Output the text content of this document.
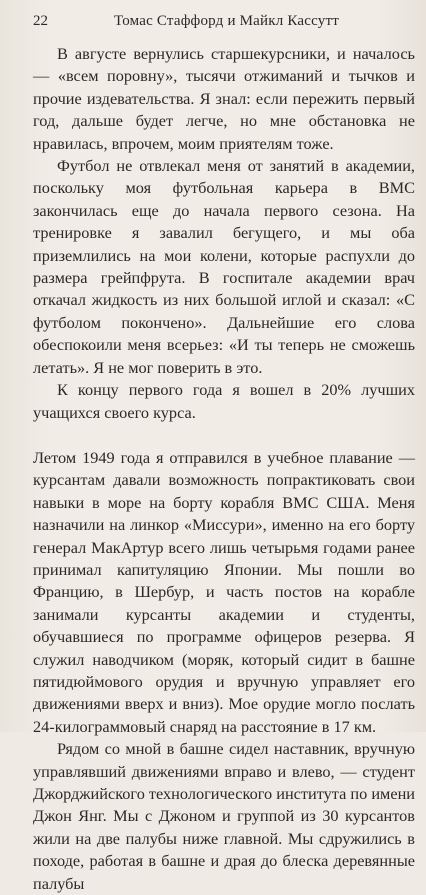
22	Томас Стаффорд и Майкл Кассутт

В августе вернулись старшекурсники, и началось — «всем поровну», тысячи отжиманий и тычков и прочие издевательства. Я знал: если пережить первый год, дальше будет легче, но мне обстановка не нравилась, впрочем, моим приятелям тоже.

Футбол не отвлекал меня от занятий в академии, поскольку моя футбольная карьера в ВМС закончилась еще до начала первого сезона. На тренировке я завалил бегущего, и мы оба приземлились на мои колени, которые распухли до размера грейпфрута. В госпитале академии врач откачал жидкость из них большой иглой и сказал: «С футболом покончено». Дальнейшие его слова обеспокоили меня всерьез: «И ты теперь не сможешь летать». Я не мог поверить в это.

К концу первого года я вошел в 20% лучших учащихся своего курса.

Летом 1949 года я отправился в учебное плавание — курсантам давали возможность попрактиковать свои навыки в море на борту корабля ВМС США. Меня назначили на линкор «Миссури», именно на его борту генерал МакАртур всего лишь четырьмя годами ранее принимал капитуляцию Японии. Мы пошли во Францию, в Шербур, и часть постов на корабле занимали курсанты академии и студенты, обучавшиеся по программе офицеров резерва. Я служил наводчиком (моряк, который сидит в башне пятидюймового орудия и вручную управляет его движениями вверх и вниз). Мое орудие могло послать 24-килограммовый снаряд на расстояние в 17 км.

Рядом со мной в башне сидел наставник, вручную управлявший движениями вправо и влево, — студент Джорджийского технологического института по имени Джон Янг. Мы с Джоном и группой из 30 курсантов жили на две палубы ниже главной. Мы сдружились в походе, работая в башне и драя до блеска деревянные палубы
